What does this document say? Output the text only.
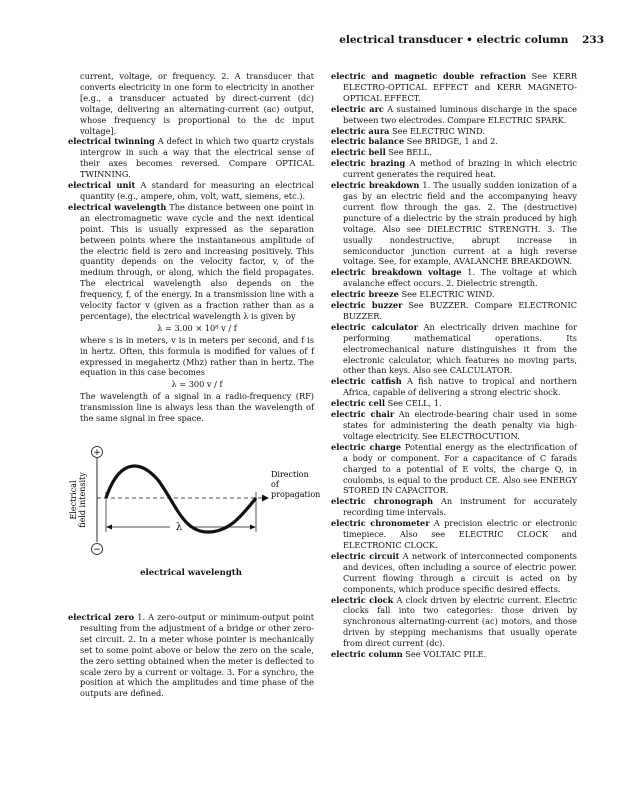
electrical transducer • electric column 233

current, voltage, or frequency. 2. A transducer that converts electricity in one form to electricity in another [e.g., a transducer actuated by direct-current (dc) voltage, delivering an alternating-current (ac) output, whose frequency is proportional to the dc input voltage].

electrical twinning A defect in which two quartz crystals intergrow in such a way that the electrical sense of their axes becomes reversed. Compare OPTICAL TWINNING.

electrical unit A standard for measuring an electrical quantity (e.g., ampere, ohm, volt, watt, siemens, etc.).

electrical wavelength The distance between one point in an electromagnetic wave cycle and the next identical point. This is usually expressed as the separation between points where the instantaneous amplitude of the electric field is zero and increasing positively. This quantity depends on the velocity factor, v, of the medium through, or along, which the field propagates. The electrical wavelength also depends on the frequency, f, of the energy. In a transmission line with a velocity factor v (given as a fraction rather than as a percentage), the electrical wavelength λ is given by

λ = 3.00 × 10⁸ v / f

where s is in meters, v is in meters per second, and f is in hertz. Often, this formula is modified for values of f expressed in megahertz (Mhz) rather than in hertz. The equation in this case becomes

λ = 300 v / f

The wavelength of a signal in a radio-frequency (RF) transmission line is always less than the wavelength of the same signal in free space.

+
−
Electrical field intensity	λ
Direction
of
propagation
electrical wavelength

electrical zero 1. A zero-output or minimum-output point resulting from the adjustment of a bridge or other zero-set circuit. 2. In a meter whose pointer is mechanically set to some point above or below the zero on the scale, the zero setting obtained when the meter is deflected to scale zero by a current or voltage. 3. For a synchro, the position at which the amplitudes and time phase of the outputs are defined.

electric and magnetic double refraction See KERR ELECTRO-OPTICAL EFFECT and KERR MAGNETO-OPTICAL EFFECT.

electric arc A sustained luminous discharge in the space between two electrodes. Compare ELECTRIC SPARK.

electric aura See ELECTRIC WIND.

electric balance See BRIDGE, 1 and 2.

electric bell See BELL.

electric brazing A method of brazing in which electric current generates the required heat.

electric breakdown 1. The usually sudden ionization of a gas by an electric field and the accompanying heavy current flow through the gas. 2. The (destructive) puncture of a dielectric by the strain produced by high voltage. Also see DIELECTRIC STRENGTH. 3. The usually nondestructive, abrupt increase in semiconductor junction current at a high reverse voltage. See, for example, AVALANCHE BREAKDOWN.

electric breakdown voltage 1. The voltage at which avalanche effect occurs. 2. Dielectric strength.

electric breeze See ELECTRIC WIND.

electric buzzer See BUZZER. Compare ELECTRONIC BUZZER.

electric calculator An electrically driven machine for performing mathematical operations. Its electromechanical nature distinguishes it from the electronic calculator, which features no moving parts, other than keys. Also see CALCULATOR.

electric catfish A fish native to tropical and northern Africa, capable of delivering a strong electric shock.

electric cell See CELL, 1.

electric chair An electrode-bearing chair used in some states for administering the death penalty via high-voltage electricity. See ELECTROCUTION.

electric charge Potential energy as the electrification of a body or component. For a capacitance of C farads charged to a potential of E volts, the charge Q, in coulombs, is equal to the product CE. Also see ENERGY STORED IN CAPACITOR.

electric chronograph An instrument for accurately recording time intervals.

electric chronometer A precision electric or electronic timepiece. Also see ELECTRIC CLOCK and ELECTRONIC CLOCK.

electric circuit A network of interconnected components and devices, often including a source of electric power. Current flowing through a circuit is acted on by components, which produce specific desired effects.

electric clock A clock driven by electric current. Electric clocks fall into two categories: those driven by synchronous alternating-current (ac) motors, and those driven by stepping mechanisms that usually operate from direct current (dc).

electric column See VOLTAIC PILE.
